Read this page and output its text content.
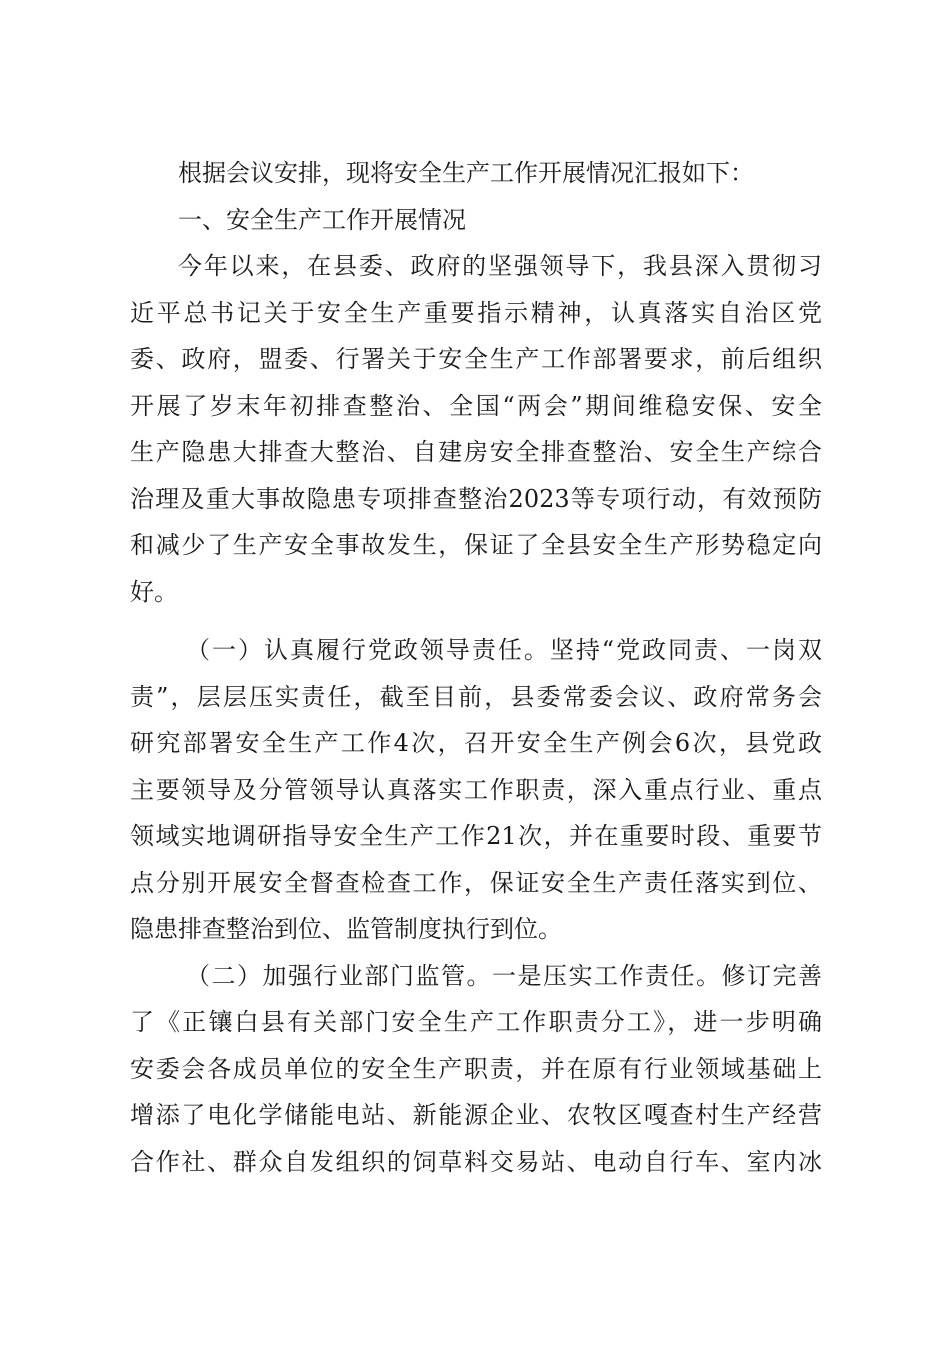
根据会议安排，现将安全生产工作开展情况汇报如下：
一、安全生产工作开展情况
今年以来，在县委、政府的坚强领导下，我县深入贯彻习
近平总书记关于安全生产重要指示精神，认真落实自治区党
委、政府，盟委、行署关于安全生产工作部署要求，前后组织
开展了岁末年初排查整治、全国“两会”期间维稳安保、安全
生产隐患大排查大整治、自建房安全排查整治、安全生产综合
治理及重大事故隐患专项排查整治2023等专项行动，有效预防
和减少了生产安全事故发生，保证了全县安全生产形势稳定向
好。
（一）认真履行党政领导责任。坚持“党政同责、一岗双
责”，层层压实责任，截至目前，县委常委会议、政府常务会
研究部署安全生产工作4次，召开安全生产例会6次，县党政
主要领导及分管领导认真落实工作职责，深入重点行业、重点
领域实地调研指导安全生产工作21次，并在重要时段、重要节
点分别开展安全督查检查工作，保证安全生产责任落实到位、
隐患排查整治到位、监管制度执行到位。
（二）加强行业部门监管。一是压实工作责任。修订完善
了《正镶白县有关部门安全生产工作职责分工》，进一步明确
安委会各成员单位的安全生产职责，并在原有行业领域基础上
增添了电化学储能电站、新能源企业、农牧区嘎查村生产经营
合作社、群众自发组织的饲草料交易站、电动自行车、室内冰
